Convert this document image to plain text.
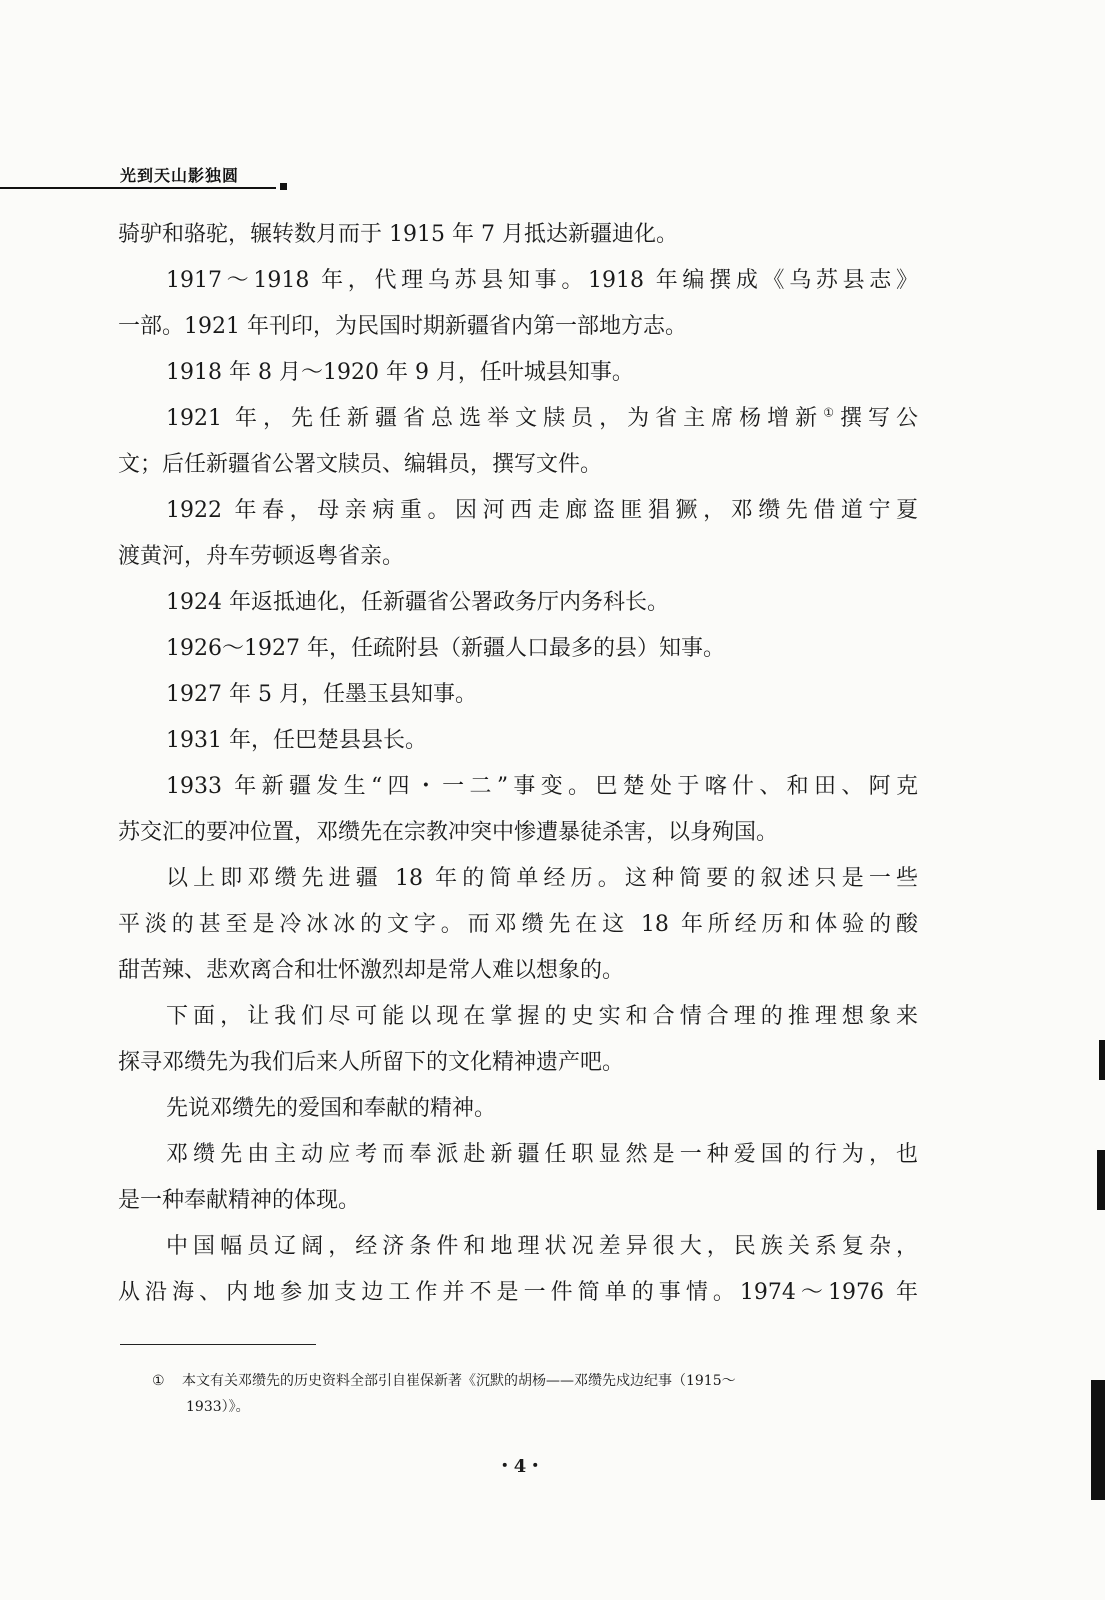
光到天山影独圆
骑驴和骆驼，辗转数月而于 1915 年 7 月抵达新疆迪化。
1917～1918 年，代理乌苏县知事。1918 年编撰成《乌苏县志》
一部。1921 年刊印，为民国时期新疆省内第一部地方志。
1918 年 8 月～1920 年 9 月，任叶城县知事。
1921 年，先任新疆省总选举文牍员，为省主席杨增新①撰写公
文；后任新疆省公署文牍员、编辑员，撰写文件。
1922 年春，母亲病重。因河西走廊盗匪猖獗，邓缵先借道宁夏
渡黄河，舟车劳顿返粤省亲。
1924 年返抵迪化，任新疆省公署政务厅内务科长。
1926～1927 年，任疏附县（新疆人口最多的县）知事。
1927 年 5 月，任墨玉县知事。
1931 年，任巴楚县县长。
1933 年新疆发生“四・一二”事变。巴楚处于喀什、和田、阿克
苏交汇的要冲位置，邓缵先在宗教冲突中惨遭暴徒杀害，以身殉国。
以上即邓缵先进疆 18 年的简单经历。这种简要的叙述只是一些
平淡的甚至是冷冰冰的文字。而邓缵先在这 18 年所经历和体验的酸
甜苦辣、悲欢离合和壮怀激烈却是常人难以想象的。
下面，让我们尽可能以现在掌握的史实和合情合理的推理想象来
探寻邓缵先为我们后来人所留下的文化精神遗产吧。
先说邓缵先的爱国和奉献的精神。
邓缵先由主动应考而奉派赴新疆任职显然是一种爱国的行为，也
是一种奉献精神的体现。
中国幅员辽阔，经济条件和地理状况差异很大，民族关系复杂，
从沿海、内地参加支边工作并不是一件简单的事情。1974～1976 年
① 本文有关邓缵先的历史资料全部引自崔保新著《沉默的胡杨——邓缵先戍边纪事（1915～
1933）》。
・4・
